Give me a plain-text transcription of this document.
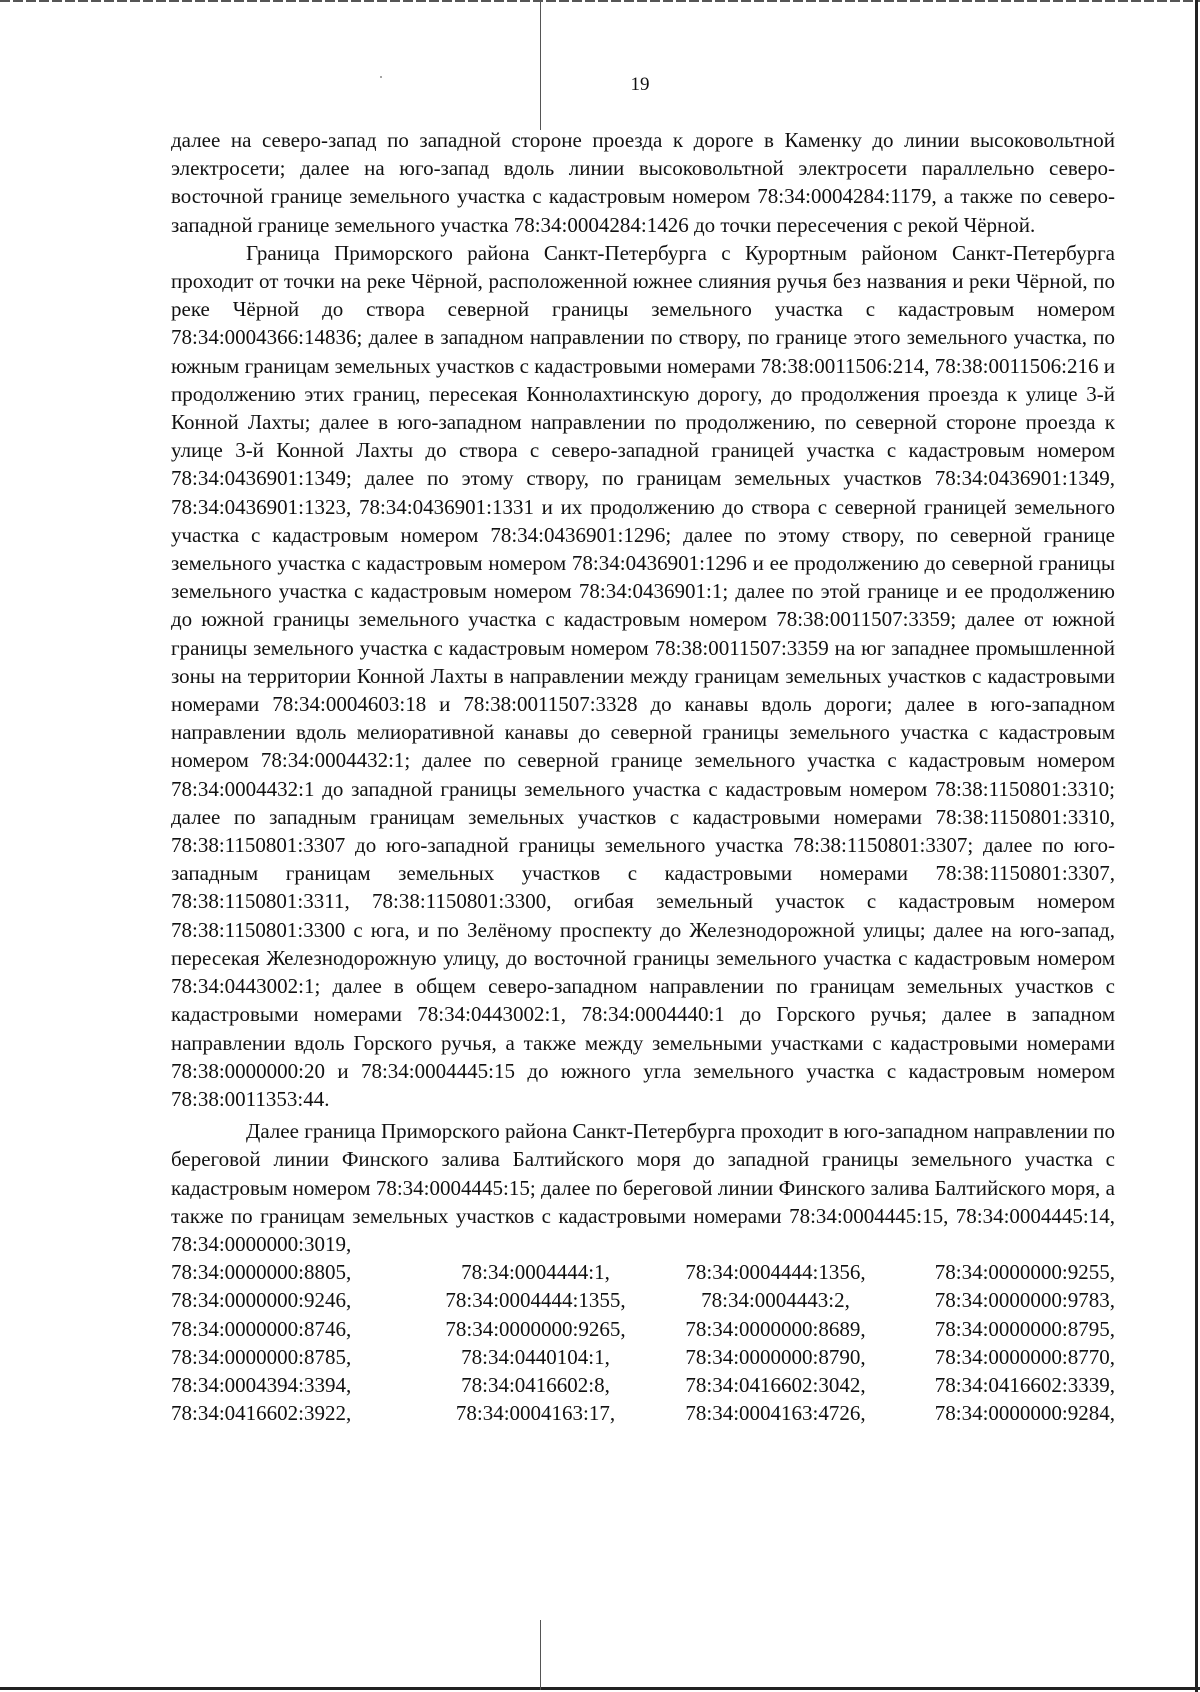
19

далее на северо-запад по западной стороне проезда к дороге в Каменку до линии высоковольтной электросети; далее на юго-запад вдоль линии высоковольтной электросети параллельно северо-восточной границе земельного участка с кадастровым номером 78:34:0004284:1179, а также по северо-западной границе земельного участка 78:34:0004284:1426 до точки пересечения с рекой Чёрной.

Граница Приморского района Санкт-Петербурга с Курортным районом Санкт-Петербурга проходит от точки на реке Чёрной, расположенной южнее слияния ручья без названия и реки Чёрной, по реке Чёрной до створа северной границы земельного участка с кадастровым номером 78:34:0004366:14836; далее в западном направлении по створу, по границе этого земельного участка, по южным границам земельных участков с кадастровыми номерами 78:38:0011506:214, 78:38:0011506:216 и продолжению этих границ, пересекая Коннолахтинскую дорогу, до продолжения проезда к улице 3-й Конной Лахты; далее в юго-западном направлении по продолжению, по северной стороне проезда к улице 3-й Конной Лахты до створа с северо-западной границей участка с кадастровым номером 78:34:0436901:1349; далее по этому створу, по границам земельных участков 78:34:0436901:1349, 78:34:0436901:1323, 78:34:0436901:1331 и их продолжению до створа с северной границей земельного участка с кадастровым номером 78:34:0436901:1296; далее по этому створу, по северной границе земельного участка с кадастровым номером 78:34:0436901:1296 и ее продолжению до северной границы земельного участка с кадастровым номером 78:34:0436901:1; далее по этой границе и ее продолжению до южной границы земельного участка с кадастровым номером 78:38:0011507:3359; далее от южной границы земельного участка с кадастровым номером 78:38:0011507:3359 на юг западнее промышленной зоны на территории Конной Лахты в направлении между границам земельных участков с кадастровыми номерами 78:34:0004603:18 и 78:38:0011507:3328 до канавы вдоль дороги; далее в юго-западном направлении вдоль мелиоративной канавы до северной границы земельного участка с кадастровым номером 78:34:0004432:1; далее по северной границе земельного участка с кадастровым номером 78:34:0004432:1 до западной границы земельного участка с кадастровым номером 78:38:1150801:3310; далее по западным границам земельных участков с кадастровыми номерами 78:38:1150801:3310, 78:38:1150801:3307 до юго-западной границы земельного участка 78:38:1150801:3307; далее по юго-западным границам земельных участков с кадастровыми номерами 78:38:1150801:3307, 78:38:1150801:3311, 78:38:1150801:3300, огибая земельный участок с кадастровым номером 78:38:1150801:3300 с юга, и по Зелёному проспекту до Железнодорожной улицы; далее на юго-запад, пересекая Железнодорожную улицу, до восточной границы земельного участка с кадастровым номером 78:34:0443002:1; далее в общем северо-западном направлении по границам земельных участков с кадастровыми номерами 78:34:0443002:1, 78:34:0004440:1 до Горского ручья; далее в западном направлении вдоль Горского ручья, а также между земельными участками с кадастровыми номерами 78:38:0000000:20 и 78:34:0004445:15 до южного угла земельного участка с кадастровым номером 78:38:0011353:44.

Далее граница Приморского района Санкт-Петербурга проходит в юго-западном направлении по береговой линии Финского залива Балтийского моря до западной границы земельного участка с кадастровым номером 78:34:0004445:15; далее по береговой линии Финского залива Балтийского моря, а также по границам земельных участков с кадастровыми номерами 78:34:0004445:15, 78:34:0004445:14, 78:34:0000000:3019,

78:34:0000000:8805,	78:34:0004444:1,	78:34:0004444:1356,	78:34:0000000:9255,
78:34:0000000:9246,	78:34:0004444:1355,	78:34:0004443:2,	78:34:0000000:9783,
78:34:0000000:8746,	78:34:0000000:9265,	78:34:0000000:8689,	78:34:0000000:8795,
78:34:0000000:8785,	78:34:0440104:1,	78:34:0000000:8790,	78:34:0000000:8770,
78:34:0004394:3394,	78:34:0416602:8,	78:34:0416602:3042,	78:34:0416602:3339,
78:34:0416602:3922,	78:34:0004163:17,	78:34:0004163:4726,	78:34:0000000:9284,
